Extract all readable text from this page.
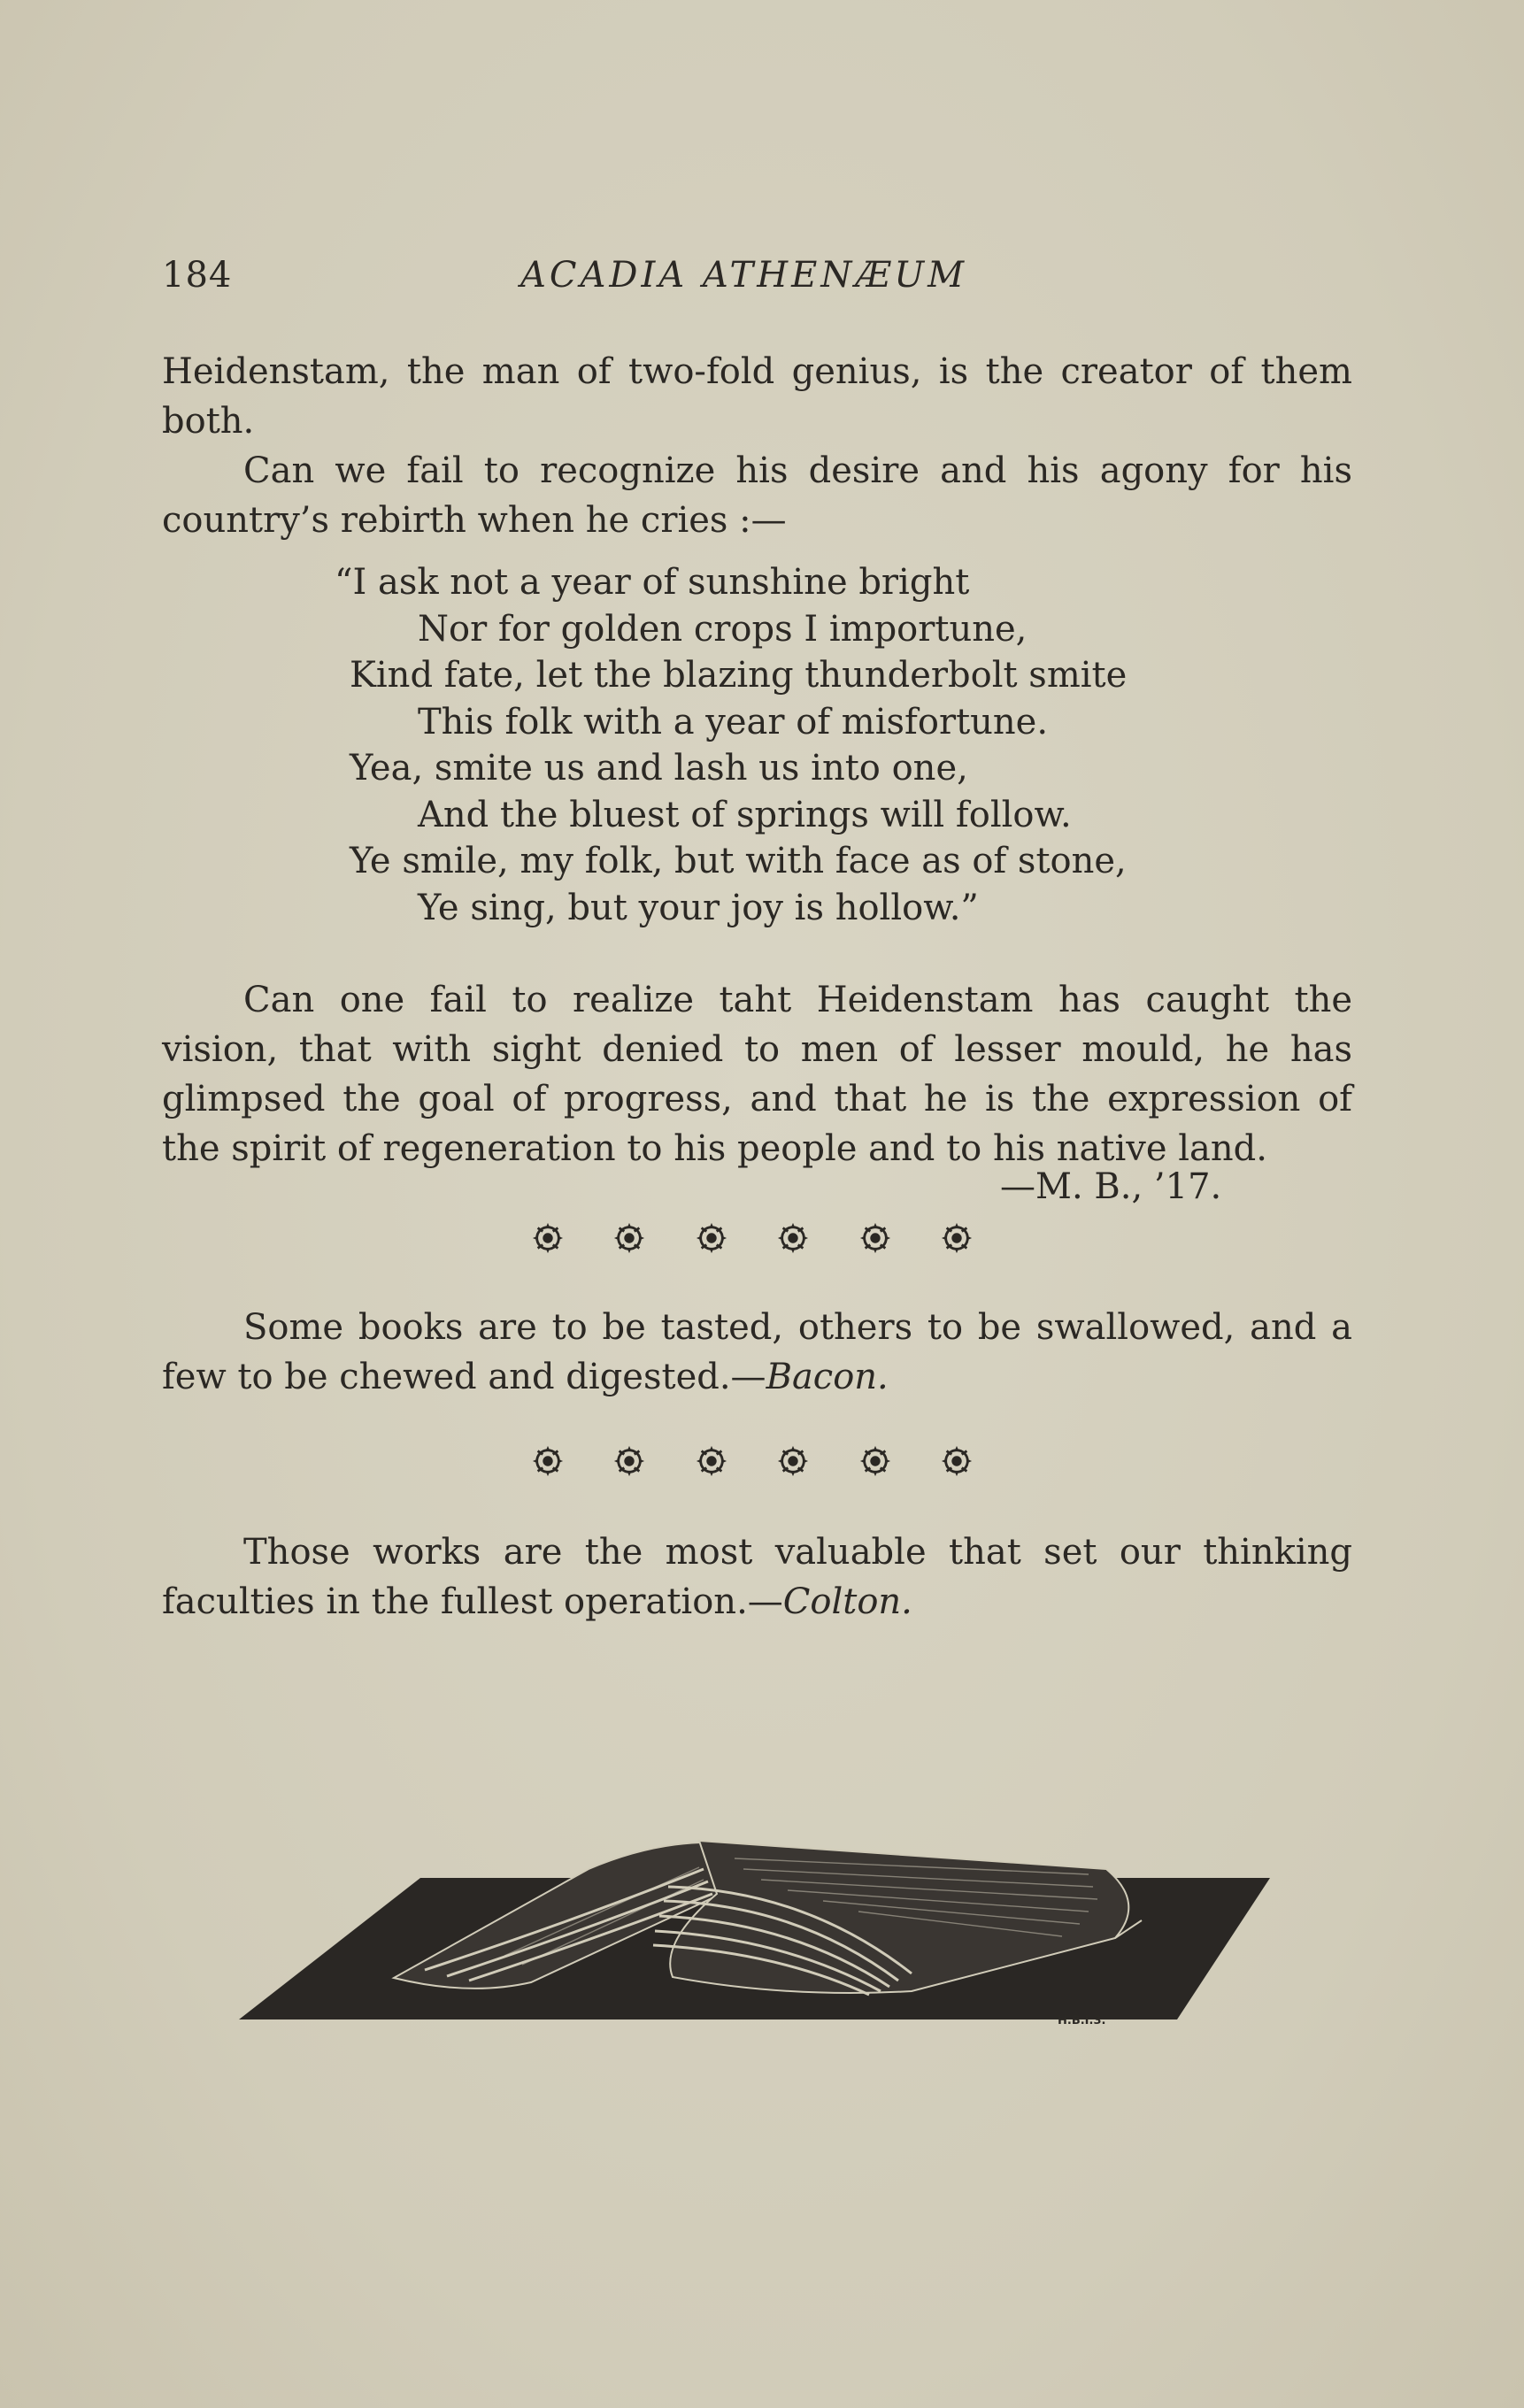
184	ACADIA ATHENÆUM

Heidenstam, the man of two-fold genius, is the creator of them both.

Can we fail to recognize his desire and his agony for his country’s rebirth when he cries :—

“I ask not a year of sunshine bright
Nor for golden crops I importune,
Kind fate, let the blazing thunderbolt smite
This folk with a year of misfortune.
Yea, smite us and lash us into one,
And the bluest of springs will follow.
Ye smile, my folk, but with face as of stone,
Ye sing, but your joy is hollow.”

Can one fail to realize taht Heidenstam has caught the vision, that with sight denied to men of lesser mould, he has glimpsed the goal of progress, and that he is the expression of the spirit of regeneration to his people and to his native land.

—M. B., ’17.

Some books are to be tasted, others to be swallowed, and a few to be chewed and digested.—Bacon.

Those works are the most valuable that set our thinking faculties in the fullest operation.—Colton.

H.B.I.3.
